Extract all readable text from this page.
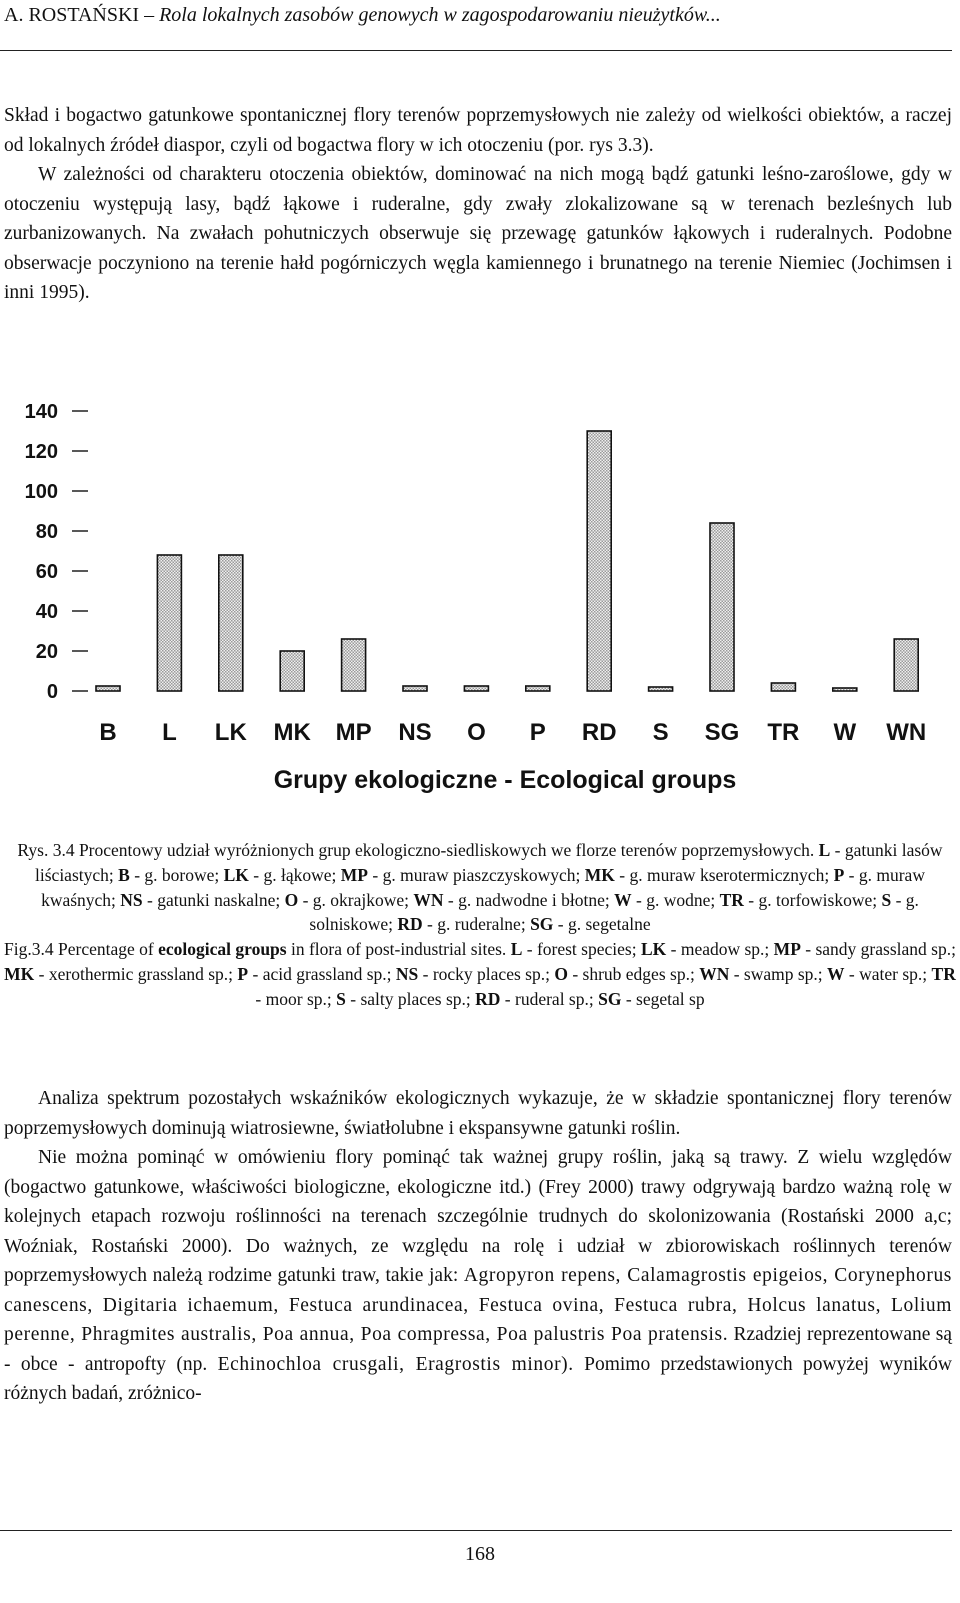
A. ROSTAŃSKI – Rola lokalnych zasobów genowych w zagospodarowaniu nieużytków...

Skład i bogactwo gatunkowe spontanicznej flory terenów poprzemysłowych nie zależy od wielkości obiektów, a raczej od lokalnych źródeł diaspor, czyli od bogactwa flory w ich otoczeniu (por. rys 3.3).

W zależności od charakteru otoczenia obiektów, dominować na nich mogą bądź gatunki leśno-zaroślowe, gdy w otoczeniu występują lasy, bądź łąkowe i ruderalne, gdy zwały zlokalizowane są w terenach bezleśnych lub zurbanizowanych. Na zwałach pohutniczych obserwuje się przewagę gatunków łąkowych i ruderalnych. Podobne obserwacje poczyniono na terenie hałd pogórniczych węgla kamiennego i brunatnego na terenie Niemiec (Jochimsen i inni 1995).

0
20
40
60
80
100
120
140
B L LK MK MP NS O P RD S SG TR W WN
Grupy ekologiczne - Ecological groups
Rys. 3.4 Procentowy udział wyróżnionych grup ekologiczno-siedliskowych we florze terenów poprzemysłowych. L - gatunki lasów liściastych; B - g. borowe; LK - g. łąkowe; MP - g. muraw piaszczyskowych; MK - g. muraw kserotermicznych; P - g. muraw kwaśnych; NS - gatunki naskalne; O - g. okrajkowe; WN - g. nadwodne i błotne; W - g. wodne; TR - g. torfowiskowe; S - g. solniskowe; RD - g. ruderalne; SG - g. segetalne
Fig.3.4 Percentage of ecological groups in flora of post-industrial sites. L - forest species; LK - meadow sp.; MP - sandy grassland sp.; MK - xerothermic grassland sp.; P - acid grassland sp.; NS - rocky places sp.; O - shrub edges sp.; WN - swamp sp.; W - water sp.; TR - moor sp.; S - salty places sp.; RD - ruderal sp.; SG - segetal sp

Analiza spektrum pozostałych wskaźników ekologicznych wykazuje, że w składzie spontanicznej flory terenów poprzemysłowych dominują wiatrosiewne, światłolubne i ekspansywne gatunki roślin.

Nie można pominąć w omówieniu flory pominąć tak ważnej grupy roślin, jaką są trawy. Z wielu względów (bogactwo gatunkowe, właściwości biologiczne, ekologiczne itd.) (Frey 2000) trawy odgrywają bardzo ważną rolę w kolejnych etapach rozwoju roślinności na terenach szczególnie trudnych do skolonizowania (Rostański 2000 a,c; Woźniak, Rostański 2000). Do ważnych, ze względu na rolę i udział w zbiorowiskach roślinnych terenów poprzemysłowych należą rodzime gatunki traw, takie jak: Agropyron repens, Calamagrostis epigeios, Corynephorus canescens, Digitaria ichaemum, Festuca arundinacea, Festuca ovina, Festuca rubra, Holcus lanatus, Lolium perenne, Phragmites australis, Poa annua, Poa compressa, Poa palustris Poa pratensis. Rzadziej reprezentowane są - obce - antropofty (np. Echinochloa crusgali, Eragrostis minor). Pomimo przedstawionych powyżej wyników różnych badań, zróżnico-

168
